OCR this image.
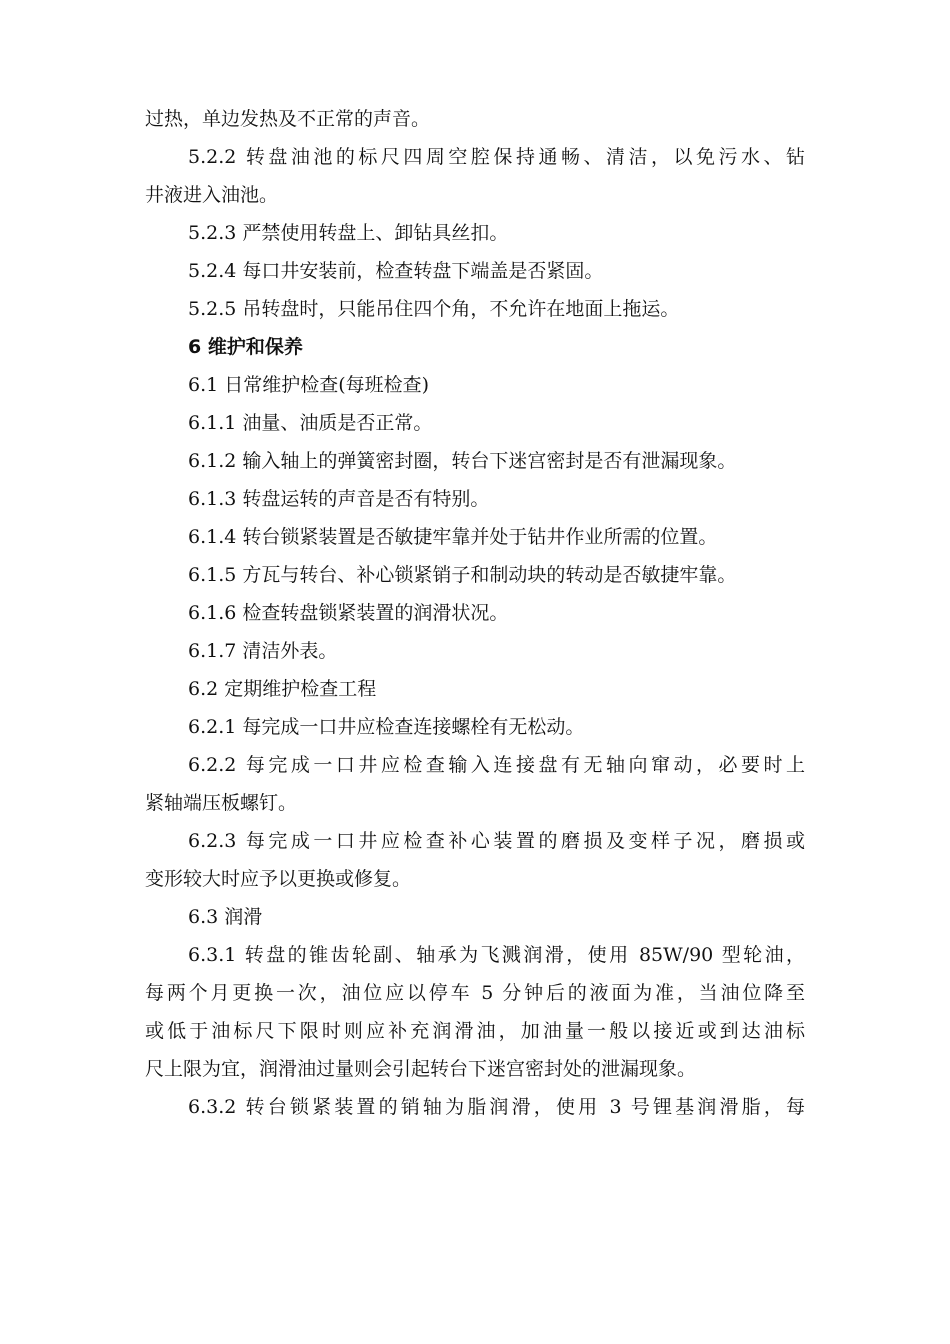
过热，单边发热及不正常的声音。
5.2.2 转盘油池的标尺四周空腔保持通畅、清洁，以免污水、钻
井液进入油池。
5.2.3 严禁使用转盘上、卸钻具丝扣。
5.2.4 每口井安装前，检查转盘下端盖是否紧固。
5.2.5 吊转盘时，只能吊住四个角，不允许在地面上拖运。
6 维护和保养
6.1 日常维护检查(每班检查)
6.1.1 油量、油质是否正常。
6.1.2 输入轴上的弹簧密封圈，转台下迷宫密封是否有泄漏现象。
6.1.3 转盘运转的声音是否有特别。
6.1.4 转台锁紧装置是否敏捷牢靠并处于钻井作业所需的位置。
6.1.5 方瓦与转台、补心锁紧销子和制动块的转动是否敏捷牢靠。
6.1.6 检查转盘锁紧装置的润滑状况。
6.1.7 清洁外表。
6.2 定期维护检查工程
6.2.1 每完成一口井应检查连接螺栓有无松动。
6.2.2 每完成一口井应检查输入连接盘有无轴向窜动，必要时上
紧轴端压板螺钉。
6.2.3 每完成一口井应检查补心装置的磨损及变样子况，磨损或
变形较大时应予以更换或修复。
6.3 润滑
6.3.1 转盘的锥齿轮副、轴承为飞溅润滑，使用 85W/90 型轮油，
每两个月更换一次，油位应以停车 5 分钟后的液面为准，当油位降至
或低于油标尺下限时则应补充润滑油，加油量一般以接近或到达油标
尺上限为宜，润滑油过量则会引起转台下迷宫密封处的泄漏现象。
6.3.2 转台锁紧装置的销轴为脂润滑，使用 3 号锂基润滑脂，每
